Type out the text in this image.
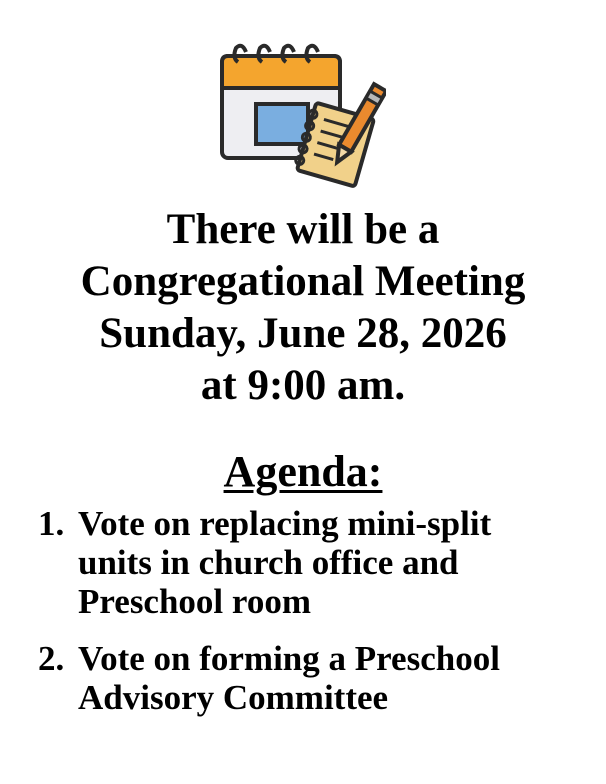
There will be a
Congregational Meeting
Sunday, June 28, 2026
at 9:00 am.
Agenda:
1. Vote on replacing mini-split
units in church office and
Preschool room
2. Vote on forming a Preschool
Advisory Committee
